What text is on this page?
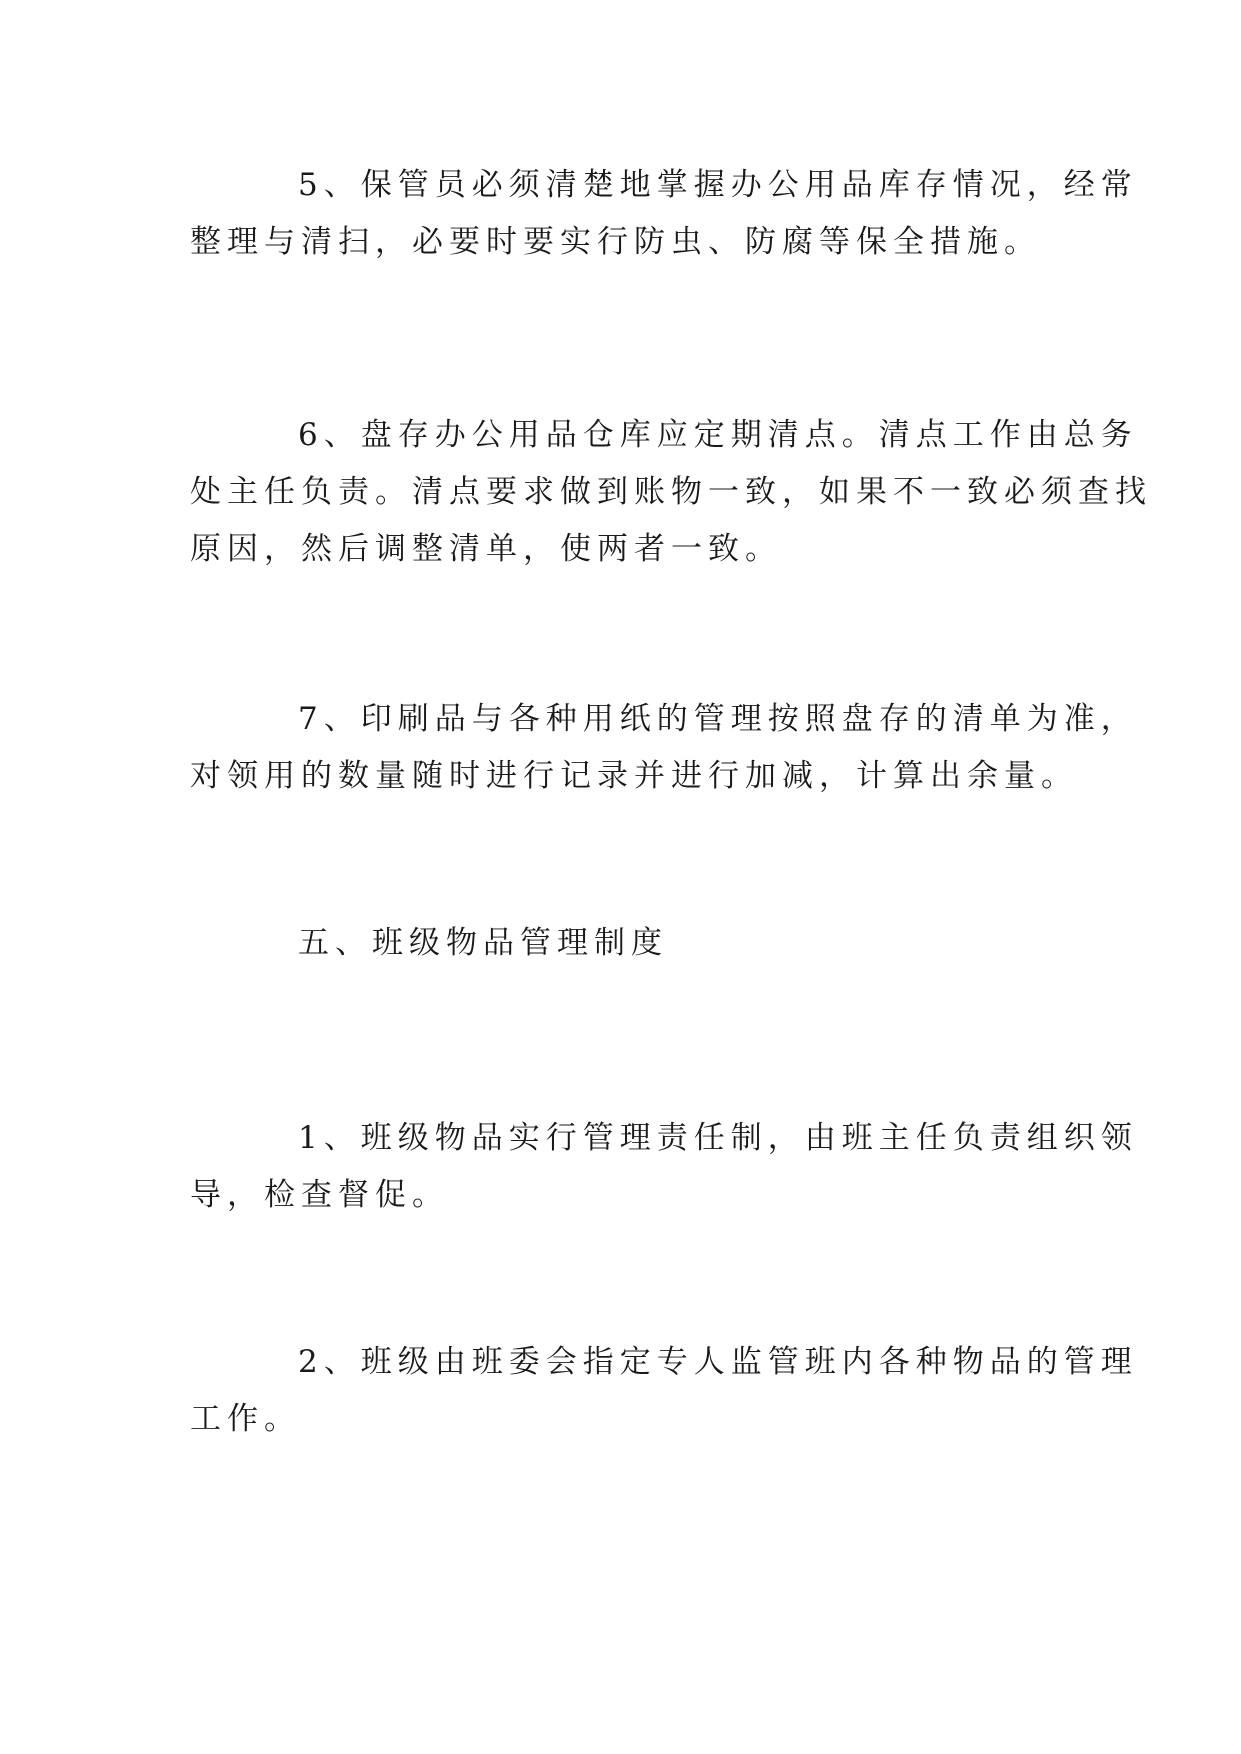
5、保管员必须清楚地掌握办公用品库存情况，经常
整理与清扫，必要时要实行防虫、防腐等保全措施。

6、盘存办公用品仓库应定期清点。清点工作由总务
处主任负责。清点要求做到账物一致，如果不一致必须查找
原因，然后调整清单，使两者一致。

7、印刷品与各种用纸的管理按照盘存的清单为准，
对领用的数量随时进行记录并进行加减，计算出余量。

五、班级物品管理制度

1、班级物品实行管理责任制，由班主任负责组织领
导，检查督促。

2、班级由班委会指定专人监管班内各种物品的管理
工作。
